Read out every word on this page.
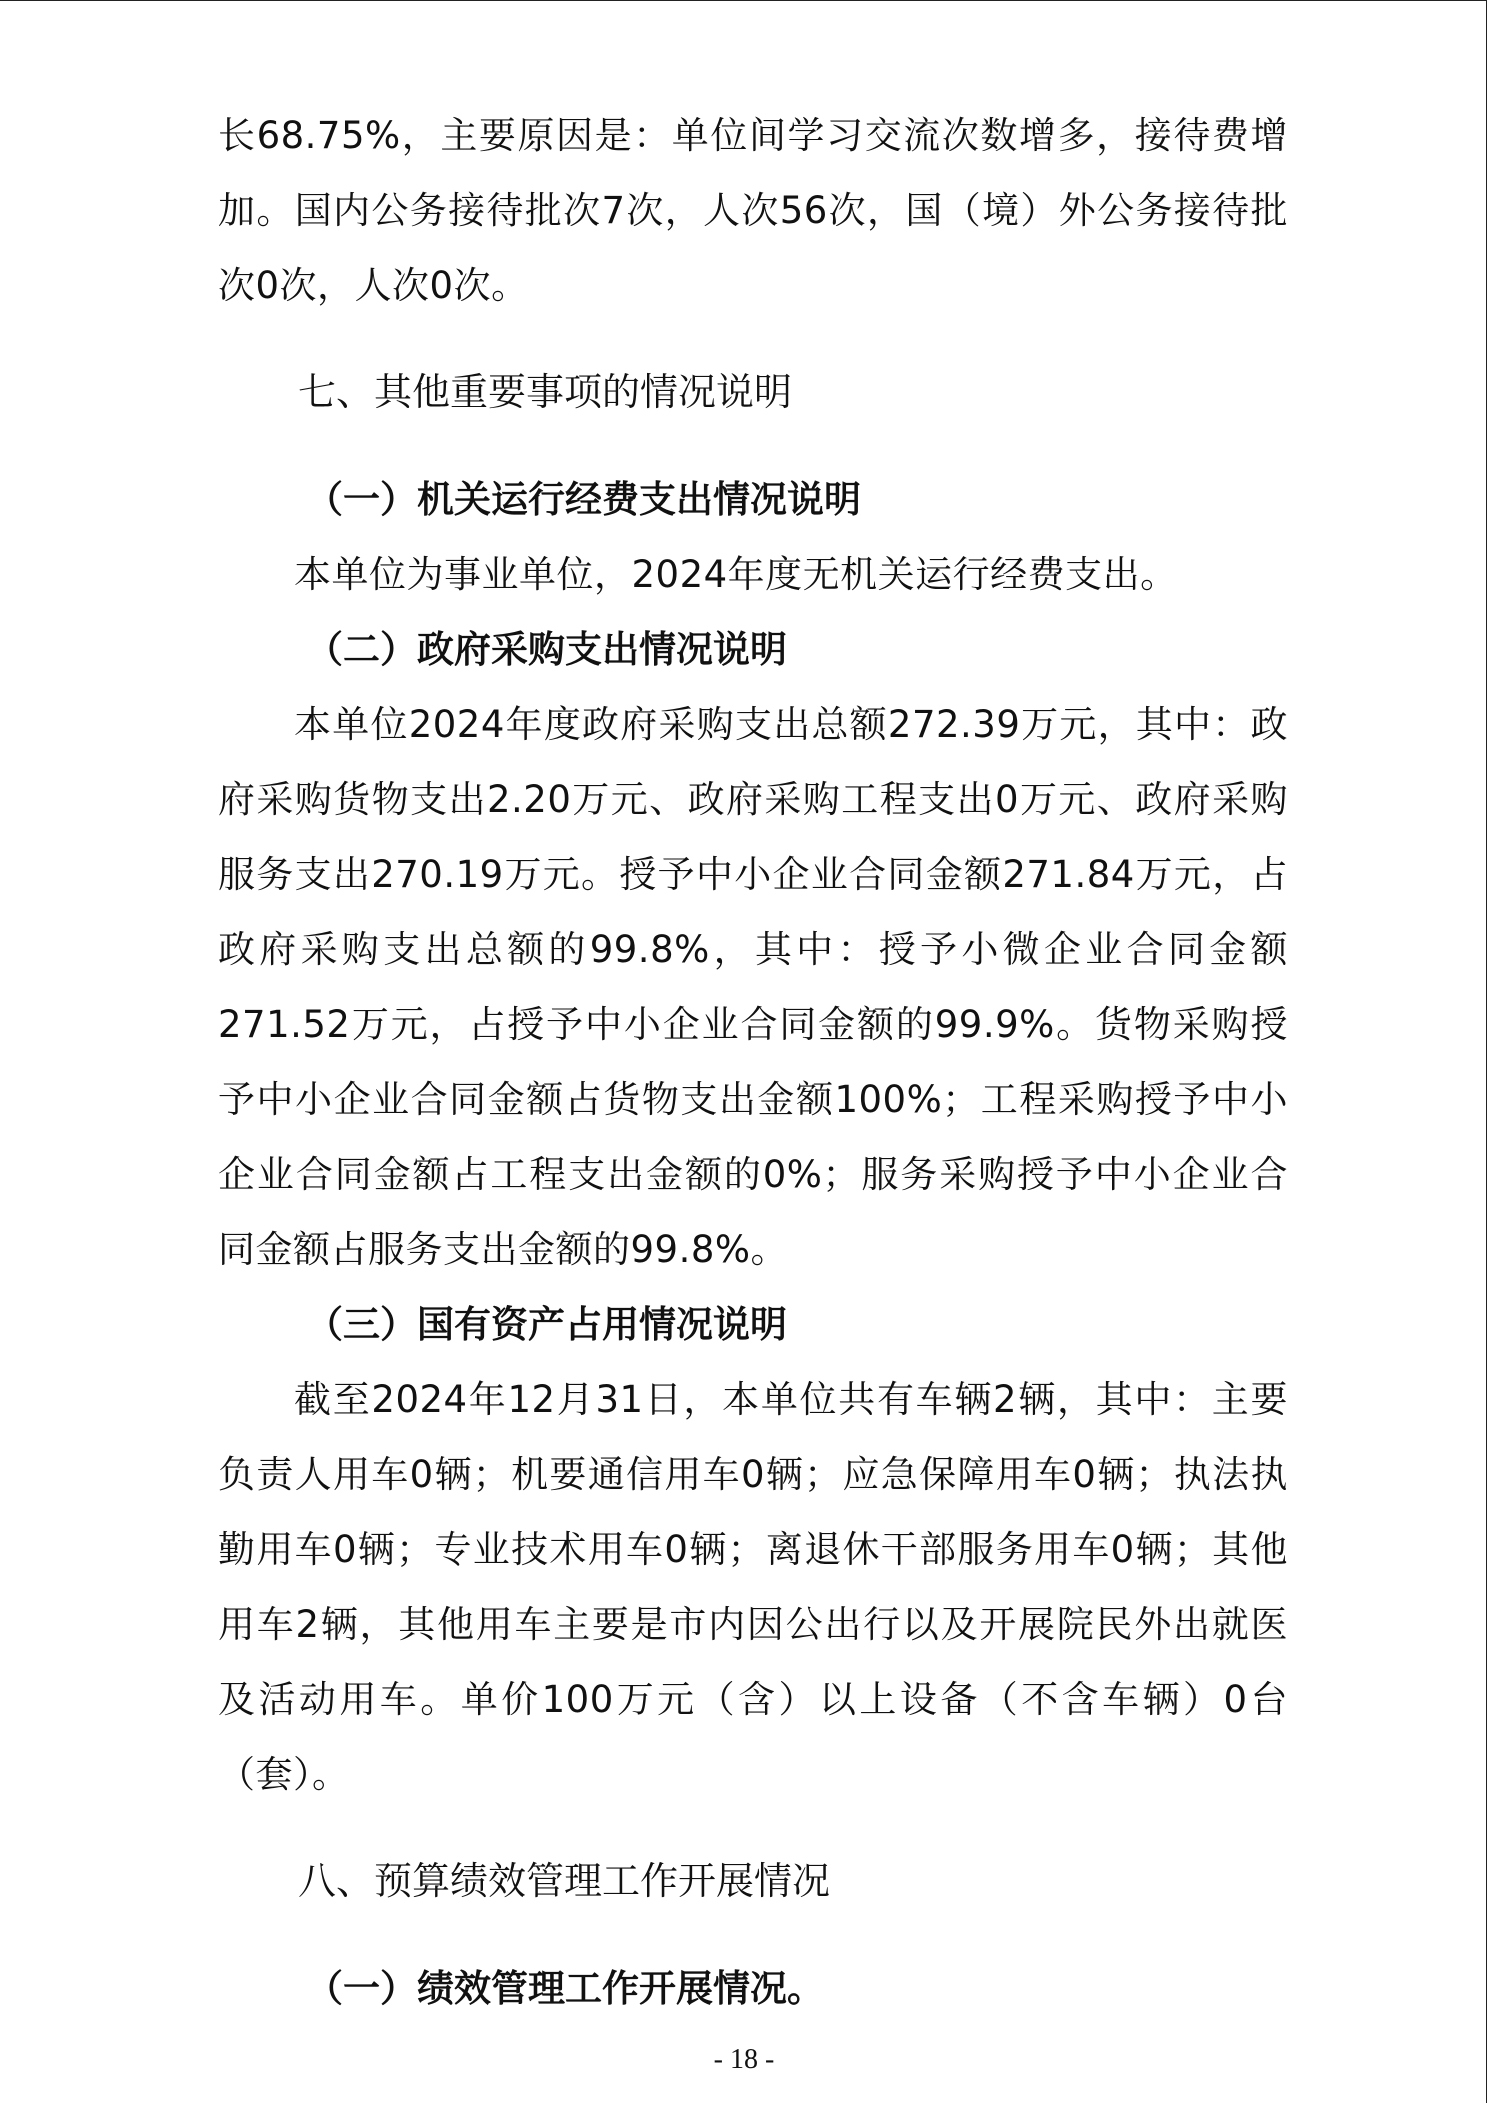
长68.75%，主要原因是：单位间学习交流次数增多，接待费增加。国内公务接待批次7次，人次56次，国（境）外公务接待批次0次，人次0次。

七、其他重要事项的情况说明
（一）机关运行经费支出情况说明

本单位为事业单位，2024年度无机关运行经费支出。

（二）政府采购支出情况说明

本单位2024年度政府采购支出总额272.39万元，其中：政府采购货物支出2.20万元、政府采购工程支出0万元、政府采购服务支出270.19万元。授予中小企业合同金额271.84万元，占政府采购支出总额的99.8%，其中：授予小微企业合同金额271.52万元，占授予中小企业合同金额的99.9%。货物采购授予中小企业合同金额占货物支出金额100%；工程采购授予中小企业合同金额占工程支出金额的0%；服务采购授予中小企业合同金额占服务支出金额的99.8%。

（三）国有资产占用情况说明

截至2024年12月31日，本单位共有车辆2辆，其中：主要负责人用车0辆；机要通信用车0辆；应急保障用车0辆；执法执勤用车0辆；专业技术用车0辆；离退休干部服务用车0辆；其他用车2辆，其他用车主要是市内因公出行以及开展院民外出就医及活动用车。单价100万元（含）以上设备（不含车辆）0台（套）。

八、预算绩效管理工作开展情况
（一）绩效管理工作开展情况。
- 18 -
